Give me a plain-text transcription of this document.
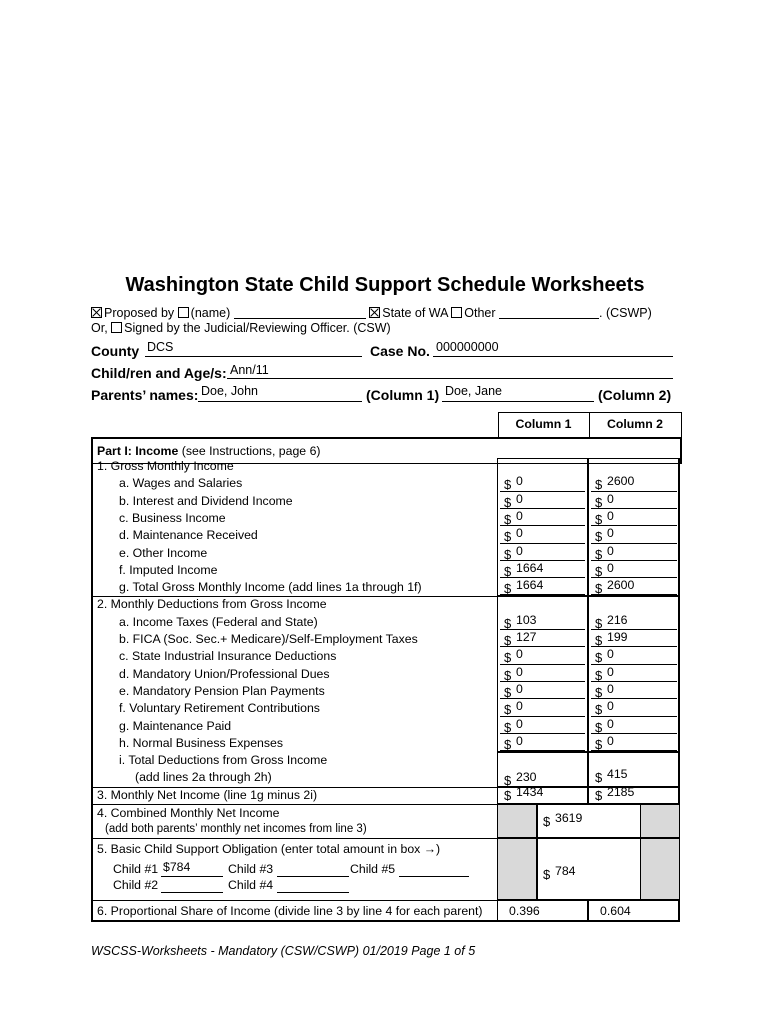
Washington State Child Support Schedule Worksheets
Proposed by (name)	State of WA Other	. (CSWP)
Or, Signed by the Judicial/Reviewing Officer. (CSW)
County DCS	Case No. 000000000
Child/ren and Age/s: Ann/11
Parents’ names: Doe, John	(Column 1) Doe, Jane	(Column 2)
	Column 1	Column 2
Part I: Income (see Instructions, page 6)
1. Gross Monthly Income
a. Wages and Salaries	$ 0	$ 2600
b. Interest and Dividend Income	$ 0	$ 0
c. Business Income	$ 0	$ 0
d. Maintenance Received	$ 0	$ 0
e. Other Income	$ 0	$ 0
f. Imputed Income	$ 1664	$ 0
g. Total Gross Monthly Income (add lines 1a through 1f)	$ 1664	$ 2600
2. Monthly Deductions from Gross Income
a. Income Taxes (Federal and State)	$ 103	$ 216
b. FICA (Soc. Sec.+ Medicare)/Self-Employment Taxes	$ 127	$ 199
c. State Industrial Insurance Deductions	$ 0	$ 0
d. Mandatory Union/Professional Dues	$ 0	$ 0
e. Mandatory Pension Plan Payments	$ 0	$ 0
f. Voluntary Retirement Contributions	$ 0	$ 0
g. Maintenance Paid	$ 0	$ 0
h. Normal Business Expenses	$ 0	$ 0
i. Total Deductions from Gross Income
(add lines 2a through 2h)	$ 230	$ 415
3. Monthly Net Income (line 1g minus 2i)	$ 1434	$ 2185
4. Combined Monthly Net Income
(add both parents’ monthly net incomes from line 3)
$ 3619
5. Basic Child Support Obligation (enter total amount in box →)
Child #1 $784	Child #3	Child #5
Child #2	Child #4
$ 784
6. Proportional Share of Income (divide line 3 by line 4 for each parent) 0.396	0.604
WSCSS-Worksheets - Mandatory (CSW/CSWP) 01/2019 Page 1 of 5
